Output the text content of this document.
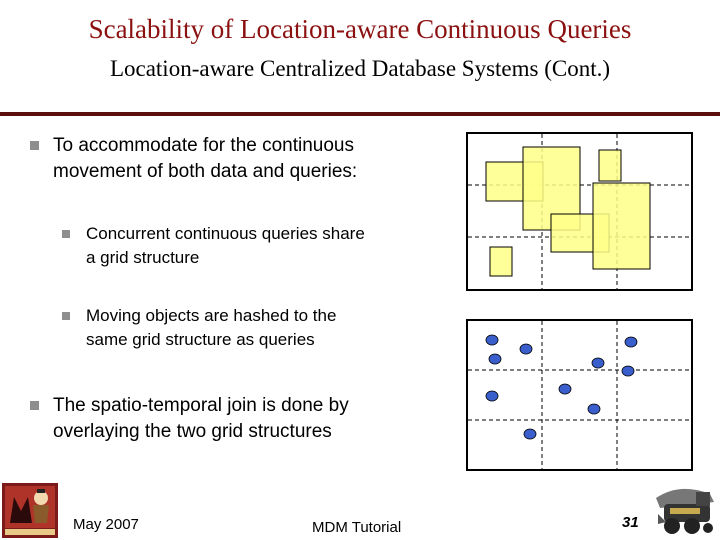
Scalability of Location-aware Continuous Queries
Location-aware Centralized Database Systems (Cont.)
To accommodate for the continuous
movement of both data and queries:
Concurrent continuous queries share
a grid structure
Moving objects are hashed to the
same grid structure as queries
The spatio-temporal join is done by
overlaying the two grid structures
May 2007	MDM Tutorial	31
